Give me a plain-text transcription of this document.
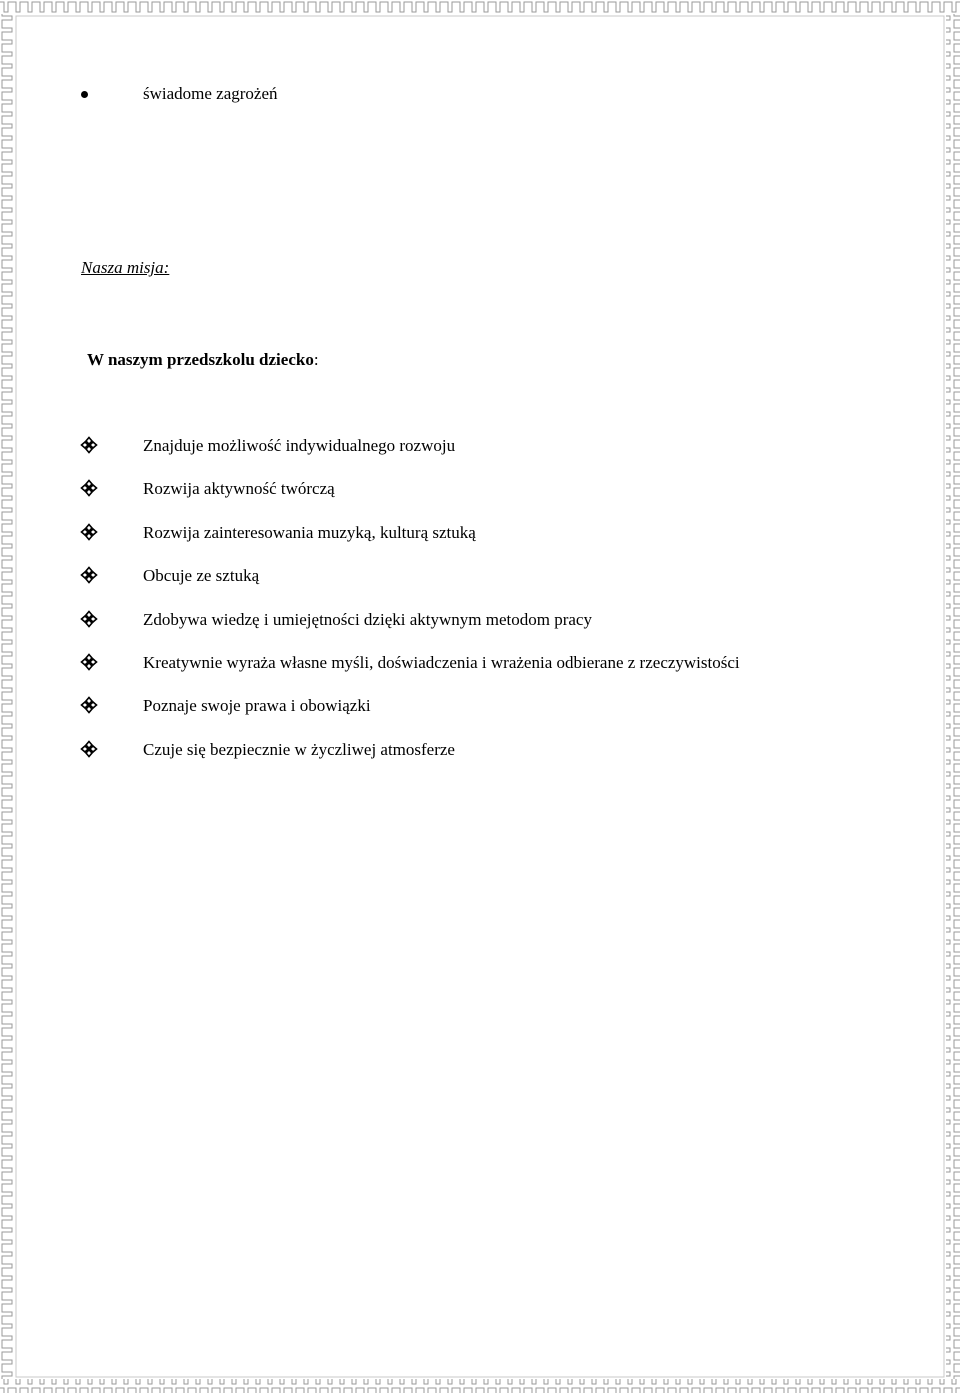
świadome zagrożeń
Nasza misja:
W naszym przedszkolu dziecko:
Znajduje możliwość indywidualnego rozwoju
Rozwija aktywność twórczą
Rozwija zainteresowania muzyką, kulturą sztuką
Obcuje ze sztuką
Zdobywa wiedzę i umiejętności dzięki aktywnym metodom pracy
Kreatywnie wyraża własne myśli, doświadczenia i wrażenia odbierane z rzeczywistości
Poznaje swoje prawa i obowiązki
Czuje się bezpiecznie w życzliwej atmosferze
